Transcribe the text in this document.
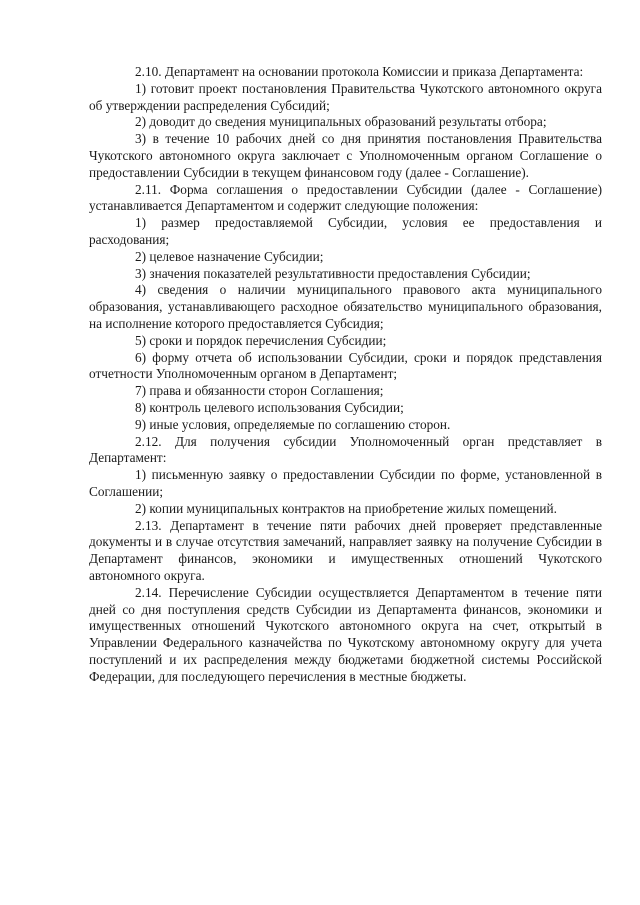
2.10. Департамент на основании протокола Комиссии и приказа Департамента:

1) готовит проект постановления Правительства Чукотского автономного округа об утверждении распределения Субсидий;

2) доводит до сведения муниципальных образований результаты отбора;

3) в течение 10 рабочих дней со дня принятия постановления Правительства Чукотского автономного округа заключает с Уполномоченным органом Соглашение о предоставлении Субсидии в текущем финансовом году (далее - Соглашение).

2.11. Форма соглашения о предоставлении Субсидии (далее - Соглашение) устанавливается Департаментом и содержит следующие положения:

1) размер предоставляемой Субсидии, условия ее предоставления и расходования;

2) целевое назначение Субсидии;

3) значения показателей результативности предоставления Субсидии;

4) сведения о наличии муниципального правового акта муниципального образования, устанавливающего расходное обязательство муниципального образования, на исполнение которого предоставляется Субсидия;

5) сроки и порядок перечисления Субсидии;

6) форму отчета об использовании Субсидии, сроки и порядок представления отчетности Уполномоченным органом в Департамент;

7) права и обязанности сторон Соглашения;

8) контроль целевого использования Субсидии;

9) иные условия, определяемые по соглашению сторон.

2.12. Для получения субсидии Уполномоченный орган представляет в Департамент:

1) письменную заявку о предоставлении Субсидии по форме, установленной в Соглашении;

2) копии муниципальных контрактов на приобретение жилых помещений.

2.13. Департамент в течение пяти рабочих дней проверяет представленные документы и в случае отсутствия замечаний, направляет заявку на получение Субсидии в Департамент финансов, экономики и имущественных отношений Чукотского автономного округа.

2.14. Перечисление Субсидии осуществляется Департаментом в течение пяти дней со дня поступления средств Субсидии из Департамента финансов, экономики и имущественных отношений Чукотского автономного округа на счет, открытый в Управлении Федерального казначейства по Чукотскому автономному округу для учета поступлений и их распределения между бюджетами бюджетной системы Российской Федерации, для последующего перечисления в местные бюджеты.
